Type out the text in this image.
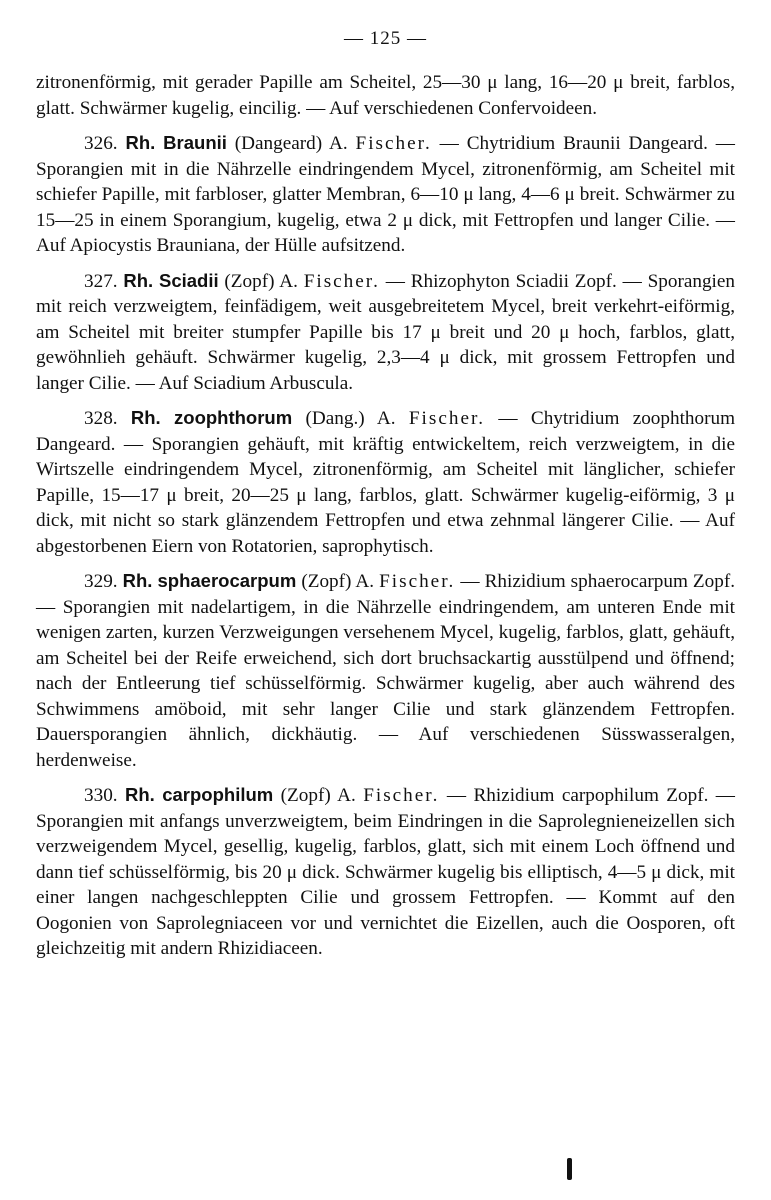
— 125 —

zitronenförmig, mit gerader Papille am Scheitel, 25—30 μ lang, 16—20 μ breit, farblos, glatt. Schwärmer kugelig, eincilig. — Auf verschiedenen Confervoideen.

326. Rh. Braunii (Dangeard) A. Fischer. — Chytridium Braunii Dangeard. — Sporangien mit in die Nährzelle eindringendem Mycel, zitronenförmig, am Scheitel mit schiefer Papille, mit farbloser, glatter Membran, 6—10 μ lang, 4—6 μ breit. Schwärmer zu 15—25 in einem Sporangium, kugelig, etwa 2 μ dick, mit Fettropfen und langer Cilie. — Auf Apiocystis Brauniana, der Hülle aufsitzend.

327. Rh. Sciadii (Zopf) A. Fischer. — Rhizophyton Sciadii Zopf. — Sporangien mit reich verzweigtem, feinfädigem, weit ausgebreitetem Mycel, breit verkehrt-eiförmig, am Scheitel mit breiter stumpfer Papille bis 17 μ breit und 20 μ hoch, farblos, glatt, gewöhnlieh gehäuft. Schwärmer kugelig, 2,3—4 μ dick, mit grossem Fettropfen und langer Cilie. — Auf Sciadium Arbuscula.

328. Rh. zoophthorum (Dang.) A. Fischer. — Chytridium zoophthorum Dangeard. — Sporangien gehäuft, mit kräftig entwickeltem, reich verzweigtem, in die Wirtszelle eindringendem Mycel, zitronenförmig, am Scheitel mit länglicher, schiefer Papille, 15—17 μ breit, 20—25 μ lang, farblos, glatt. Schwärmer kugelig-eiförmig, 3 μ dick, mit nicht so stark glänzendem Fettropfen und etwa zehnmal längerer Cilie. — Auf abgestorbenen Eiern von Rotatorien, saprophytisch.

329. Rh. sphaerocarpum (Zopf) A. Fischer. — Rhizidium sphaerocarpum Zopf. — Sporangien mit nadelartigem, in die Nährzelle eindringendem, am unteren Ende mit wenigen zarten, kurzen Verzweigungen versehenem Mycel, kugelig, farblos, glatt, gehäuft, am Scheitel bei der Reife erweichend, sich dort bruchsackartig ausstülpend und öffnend; nach der Entleerung tief schüsselförmig. Schwärmer kugelig, aber auch während des Schwimmens amöboid, mit sehr langer Cilie und stark glänzendem Fettropfen. Dauersporangien ähnlich, dickhäutig. — Auf verschiedenen Süsswasseralgen, herdenweise.

330. Rh. carpophilum (Zopf) A. Fischer. — Rhizidium carpophilum Zopf. — Sporangien mit anfangs unverzweigtem, beim Eindringen in die Saprolegnieneizellen sich verzweigendem Mycel, gesellig, kugelig, farblos, glatt, sich mit einem Loch öffnend und dann tief schüsselförmig, bis 20 μ dick. Schwärmer kugelig bis elliptisch, 4—5 μ dick, mit einer langen nachgeschleppten Cilie und grossem Fettropfen. — Kommt auf den Oogonien von Saprolegniaceen vor und vernichtet die Eizellen, auch die Oosporen, oft gleichzeitig mit andern Rhizidiaceen.
